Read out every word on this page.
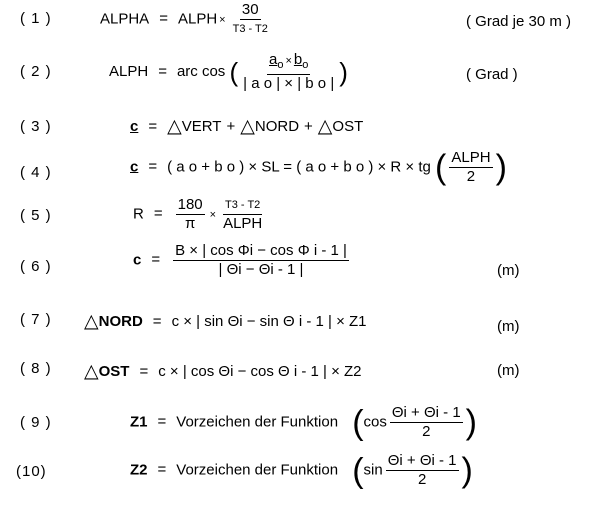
( 1 )	ALPHA = ALPH × $\frac{30}{T3 - T2}$	( Grad je 30 m )
( 2 )	ALPH = arc cos ( $\frac{a_o \times b_o}{\text{| a o | × | b o |}}$ )	( Grad )
( 3 )	c = △VERT + △NORD + △OST
( 4 )	c = ( a o + b o ) × SL = ( a o + b o ) × R × tg ( $\frac{\text{ALPH}}{2}$ )
( 5 )	$R = \frac{180}{\pi} \times \frac{T3 - T2}{\text{ALPH}}$
( 6 )	$c = \frac{\text{B × | cos Φi − cos Φ i - 1 |}}{| \Theta i - \Theta i - 1 |}$	(m)
( 7 ) △NORD = c × | sin Θi − sin Θ i - 1 | × Z1	(m)
( 8 ) △OST = c × | cos Θi − cos Θ i - 1 | × Z2	(m)
( 9 )	Z1 = Vorzeichen der Funktion ($\cos \frac{\Theta i + \Theta i - 1}{2}$ )
(10)	Z2 = Vorzeichen der Funktion ($\sin \frac{\Theta i + \Theta i - 1}{2}$ )
